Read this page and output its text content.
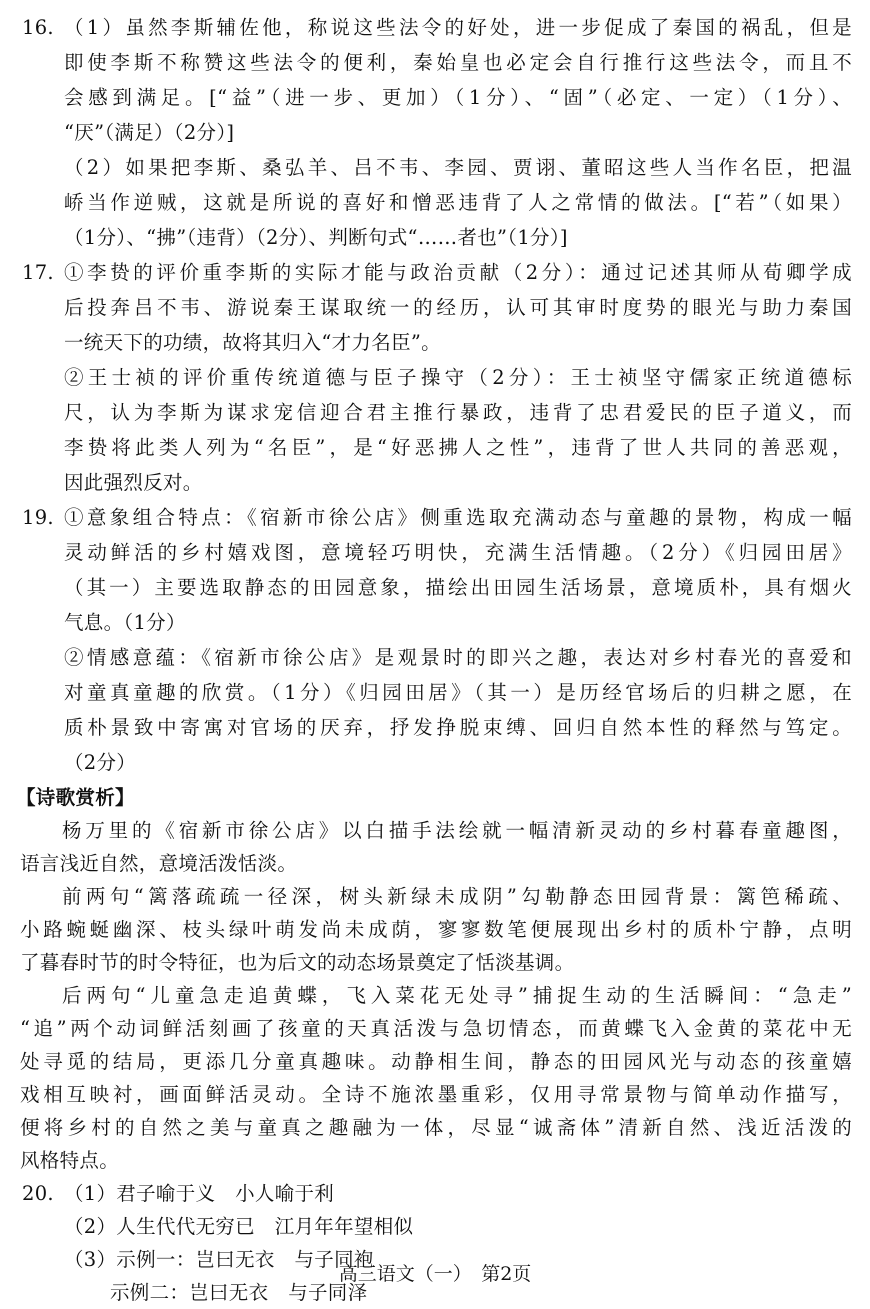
16. （1）虽然李斯辅佐他，称说这些法令的好处，进一步促成了秦国的祸乱，但是
即使李斯不称赞这些法令的便利，秦始皇也必定会自行推行这些法令，而且不
会感到满足。[“益”（进一步、更加）（1分）、“固”（必定、一定）（1分）、
“厌”（满足）（2分）]
（2）如果把李斯、桑弘羊、吕不韦、李园、贾诩、董昭这些人当作名臣，把温
峤当作逆贼，这就是所说的喜好和憎恶违背了人之常情的做法。[“若”（如果）
（1分）、“拂”（违背）（2分）、判断句式“……者也”（1分）]
17. ①李贽的评价重李斯的实际才能与政治贡献（2分）：通过记述其师从荀卿学成
后投奔吕不韦、游说秦王谋取统一的经历，认可其审时度势的眼光与助力秦国
一统天下的功绩，故将其归入“才力名臣”。
②王士祯的评价重传统道德与臣子操守（2分）：王士祯坚守儒家正统道德标
尺，认为李斯为谋求宠信迎合君主推行暴政，违背了忠君爱民的臣子道义，而
李贽将此类人列为“名臣”，是“好恶拂人之性”，违背了世人共同的善恶观，
因此强烈反对。
19. ①意象组合特点：《宿新市徐公店》侧重选取充满动态与童趣的景物，构成一幅
灵动鲜活的乡村嬉戏图，意境轻巧明快，充满生活情趣。（2分）《归园田居》
（其一）主要选取静态的田园意象，描绘出田园生活场景，意境质朴，具有烟火
气息。（1分）
②情感意蕴：《宿新市徐公店》是观景时的即兴之趣，表达对乡村春光的喜爱和
对童真童趣的欣赏。（1分）《归园田居》（其一）是历经官场后的归耕之愿，在
质朴景致中寄寓对官场的厌弃，抒发挣脱束缚、回归自然本性的释然与笃定。
（2分）
【诗歌赏析】
杨万里的《宿新市徐公店》以白描手法绘就一幅清新灵动的乡村暮春童趣图，
语言浅近自然，意境活泼恬淡。
前两句“篱落疏疏一径深，树头新绿未成阴”勾勒静态田园背景：篱笆稀疏、
小路蜿蜒幽深、枝头绿叶萌发尚未成荫，寥寥数笔便展现出乡村的质朴宁静，点明
了暮春时节的时令特征，也为后文的动态场景奠定了恬淡基调。
后两句“儿童急走追黄蝶，飞入菜花无处寻”捕捉生动的生活瞬间：“急走”
“追”两个动词鲜活刻画了孩童的天真活泼与急切情态，而黄蝶飞入金黄的菜花中无
处寻觅的结局，更添几分童真趣味。动静相生间，静态的田园风光与动态的孩童嬉
戏相互映衬，画面鲜活灵动。全诗不施浓墨重彩，仅用寻常景物与简单动作描写，
便将乡村的自然之美与童真之趣融为一体，尽显“诚斋体”清新自然、浅近活泼的
风格特点。
20. （1）君子喻于义　小人喻于利
（2）人生代代无穷已　江月年年望相似
（3）示例一：岂曰无衣　与子同袍
示例二：岂曰无衣　与子同泽
高三语文（一）　第2页
